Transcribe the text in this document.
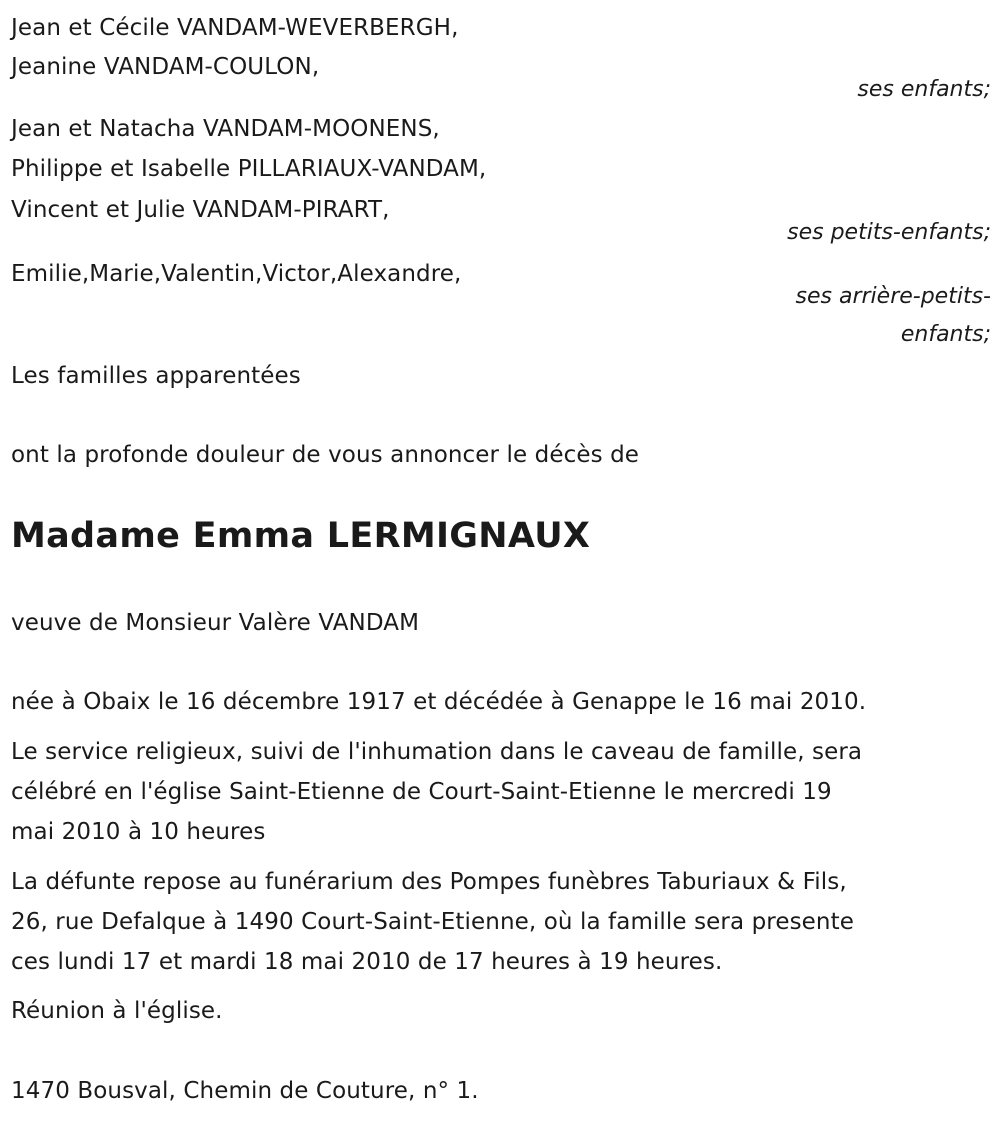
Jean et Cécile VANDAM-WEVERBERGH,
Jeanine VANDAM-COULON,
ses enfants;
Jean et Natacha VANDAM-MOONENS,
Philippe et Isabelle PILLARIAUX-VANDAM,
Vincent et Julie VANDAM-PIRART,
ses petits-enfants;
Emilie,Marie,Valentin,Victor,Alexandre,
ses arrière-petits-
enfants;
Les familles apparentées
ont la profonde douleur de vous annoncer le décès de
Madame Emma LERMIGNAUX
veuve de Monsieur Valère VANDAM
née à Obaix le 16 décembre 1917 et décédée à Genappe le 16 mai 2010.
Le service religieux, suivi de l'inhumation dans le caveau de famille, sera
célébré en l'église Saint-Etienne de Court-Saint-Etienne le mercredi 19
mai 2010 à 10 heures
La défunte repose au funérarium des Pompes funèbres Taburiaux & Fils,
26, rue Defalque à 1490 Court-Saint-Etienne, où la famille sera presente
ces lundi 17 et mardi 18 mai 2010 de 17 heures à 19 heures.
Réunion à l'église.
1470 Bousval, Chemin de Couture, n° 1.
